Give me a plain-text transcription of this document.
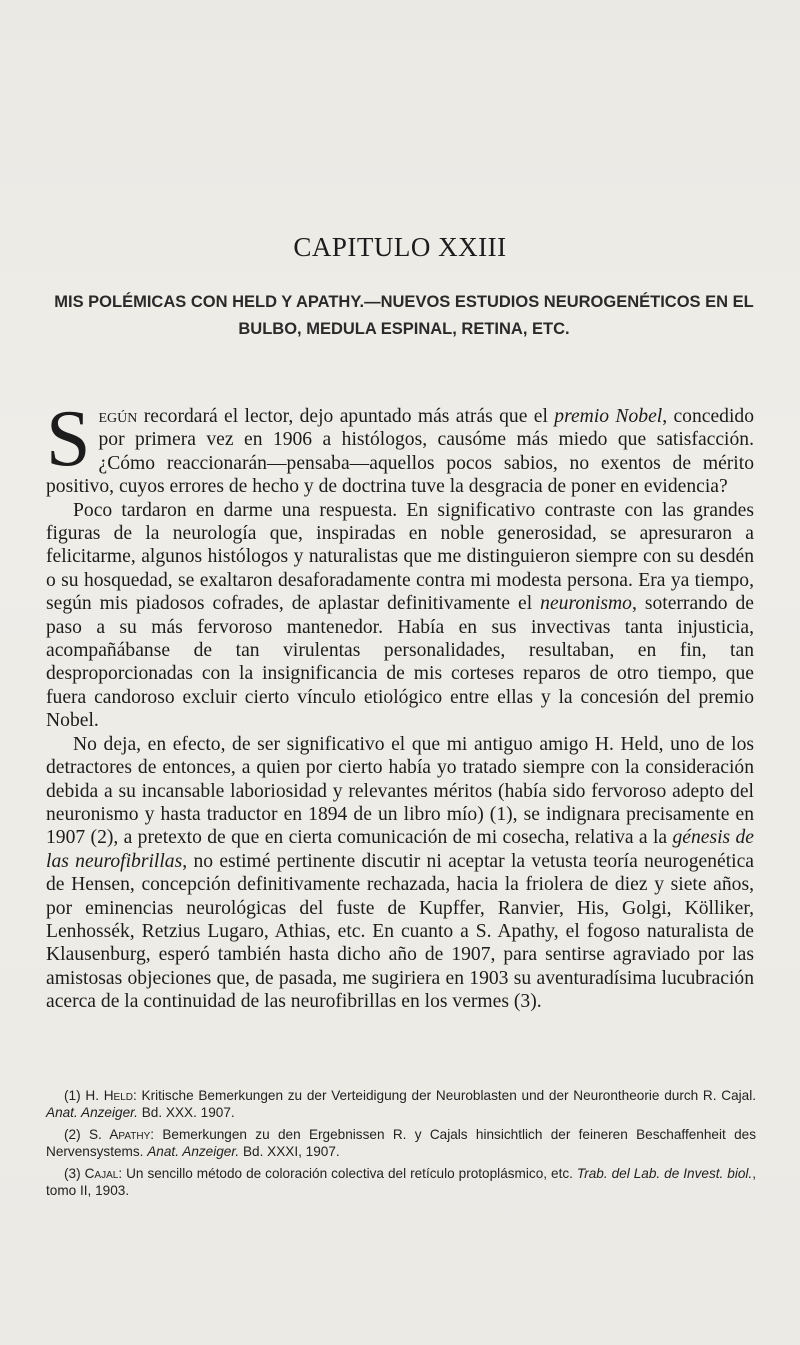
CAPITULO XXIII
MIS POLÉMICAS CON HELD Y APATHY.—NUEVOS ESTUDIOS NEUROGENÉTICOS EN EL BULBO, MEDULA ESPINAL, RETINA, ETC.

Según recordará el lector, dejo apuntado más atrás que el premio Nobel, concedido por primera vez en 1906 a histólogos, causóme más miedo que satisfacción. ¿Cómo reaccionarán—pensaba—aquellos pocos sabios, no exentos de mérito positivo, cuyos errores de hecho y de doctrina tuve la desgracia de poner en evidencia?

Poco tardaron en darme una respuesta. En significativo contraste con las grandes figuras de la neurología que, inspiradas en noble generosidad, se apresuraron a felicitarme, algunos histólogos y naturalistas que me distinguieron siempre con su desdén o su hosquedad, se exaltaron desaforadamente contra mi modesta persona. Era ya tiempo, según mis piadosos cofrades, de aplastar definitivamente el neuronismo, soterrando de paso a su más fervoroso mantenedor. Había en sus invectivas tanta injusticia, acompañábanse de tan virulentas personalidades, resultaban, en fin, tan desproporcionadas con la insignificancia de mis corteses reparos de otro tiempo, que fuera candoroso excluir cierto vínculo etiológico entre ellas y la concesión del premio Nobel.

No deja, en efecto, de ser significativo el que mi antiguo amigo H. Held, uno de los detractores de entonces, a quien por cierto había yo tratado siempre con la consideración debida a su incansable laboriosidad y relevantes méritos (había sido fervoroso adepto del neuronismo y hasta traductor en 1894 de un libro mío) (1), se indignara precisamente en 1907 (2), a pretexto de que en cierta comunicación de mi cosecha, relativa a la génesis de las neurofibrillas, no estimé pertinente discutir ni aceptar la vetusta teoría neurogenética de Hensen, concepción definitivamente rechazada, hacia la friolera de diez y siete años, por eminencias neurológicas del fuste de Kupffer, Ranvier, His, Golgi, Kölliker, Lenhossék, Retzius Lugaro, Athias, etc. En cuanto a S. Apathy, el fogoso naturalista de Klausenburg, esperó también hasta dicho año de 1907, para sentirse agraviado por las amistosas objeciones que, de pasada, me sugiriera en 1903 su aventuradísima lucubración acerca de la continuidad de las neurofibrillas en los vermes (3).

(1) H. Held: Kritische Bemerkungen zu der Verteidigung der Neuroblasten und der Neurontheorie durch R. Cajal. Anat. Anzeiger. Bd. XXX. 1907.

(2) S. Apathy: Bemerkungen zu den Ergebnissen R. y Cajals hinsichtlich der feineren Beschaffenheit des Nervensystems. Anat. Anzeiger. Bd. XXXI, 1907.

(3) Cajal: Un sencillo método de coloración colectiva del retículo protoplásmico, etc. Trab. del Lab. de Invest. biol., tomo II, 1903.
